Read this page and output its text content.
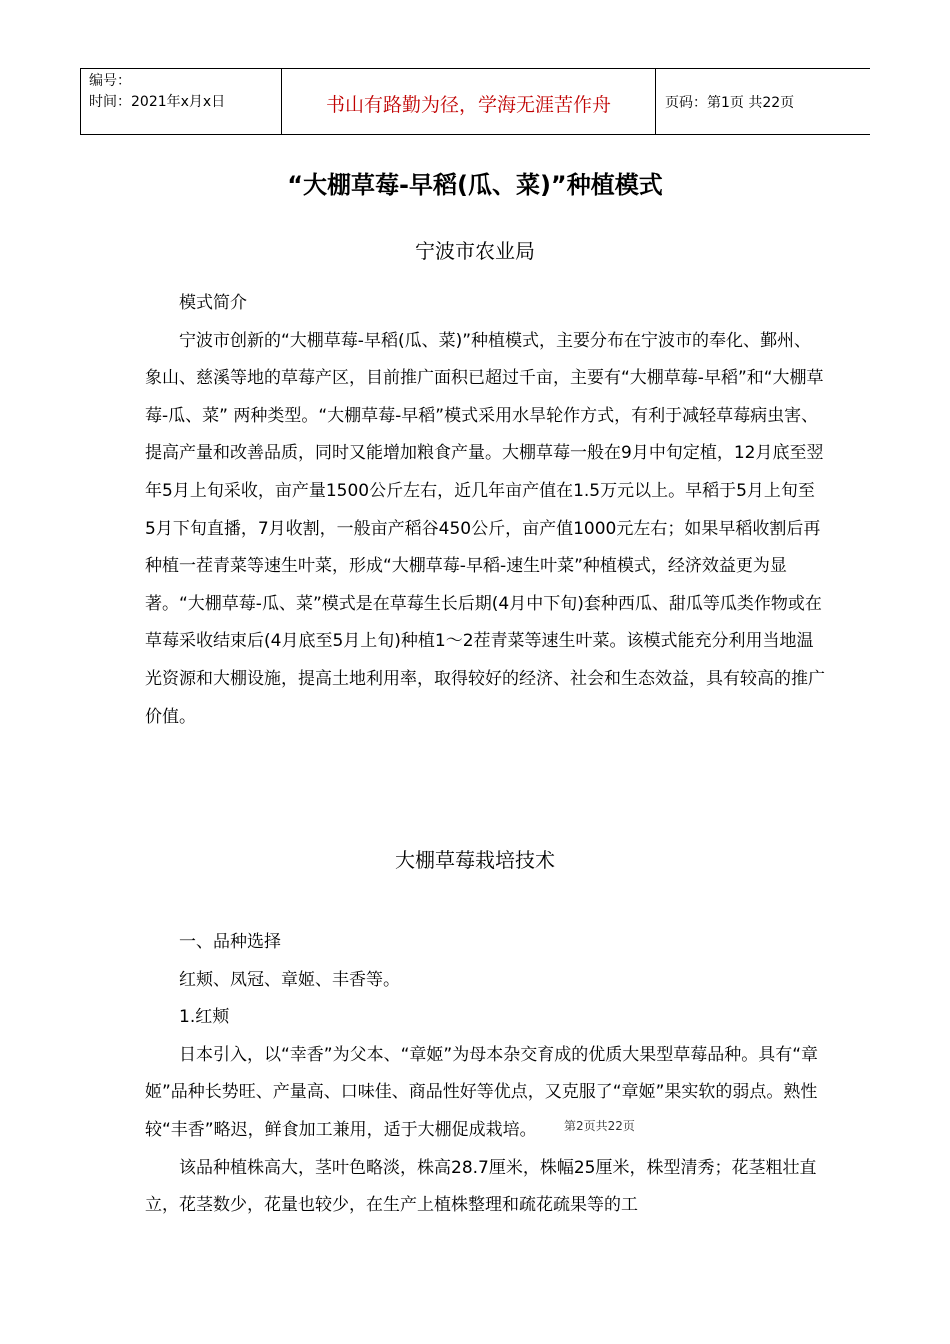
编号：
时间：2021年x月x日	书山有路勤为径，学海无涯苦作舟	页码：第1页 共22页
“大棚草莓-早稻(瓜、菜)”种植模式
宁波市农业局

模式简介

宁波市创新的“大棚草莓-早稻(瓜、菜)”种植模式，主要分布在宁波市的奉化、鄞州、象山、慈溪等地的草莓产区，目前推广面积已超过千亩，主要有“大棚草莓-早稻”和“大棚草莓-瓜、菜” 两种类型。“大棚草莓-早稻”模式采用水旱轮作方式，有利于减轻草莓病虫害、提高产量和改善品质，同时又能增加粮食产量。大棚草莓一般在9月中旬定植，12月底至翌年5月上旬采收，亩产量1500公斤左右，近几年亩产值在1.5万元以上。早稻于5月上旬至5月下旬直播，7月收割，一般亩产稻谷450公斤，亩产值1000元左右；如果早稻收割后再种植一茬青菜等速生叶菜，形成“大棚草莓-早稻-速生叶菜”种植模式，经济效益更为显著。“大棚草莓-瓜、菜”模式是在草莓生长后期(4月中下旬)套种西瓜、甜瓜等瓜类作物或在草莓采收结束后(4月底至5月上旬)种植1～2茬青菜等速生叶菜。该模式能充分利用当地温光资源和大棚设施，提高土地利用率，取得较好的经济、社会和生态效益，具有较高的推广价值。

大棚草莓栽培技术

一、品种选择

红颊、凤冠、章姬、丰香等。

1.红颊

日本引入，以“幸香”为父本、“章姬”为母本杂交育成的优质大果型草莓品种。具有“章姬”品种长势旺、产量高、口味佳、商品性好等优点，又克服了“章姬”果实软的弱点。熟性较“丰香”略迟，鲜食加工兼用，适于大棚促成栽培。

该品种植株高大，茎叶色略淡，株高28.7厘米，株幅25厘米，株型清秀；花茎粗壮直立，花茎数少，花量也较少，在生产上植株整理和疏花疏果等的工

第2页共22页
